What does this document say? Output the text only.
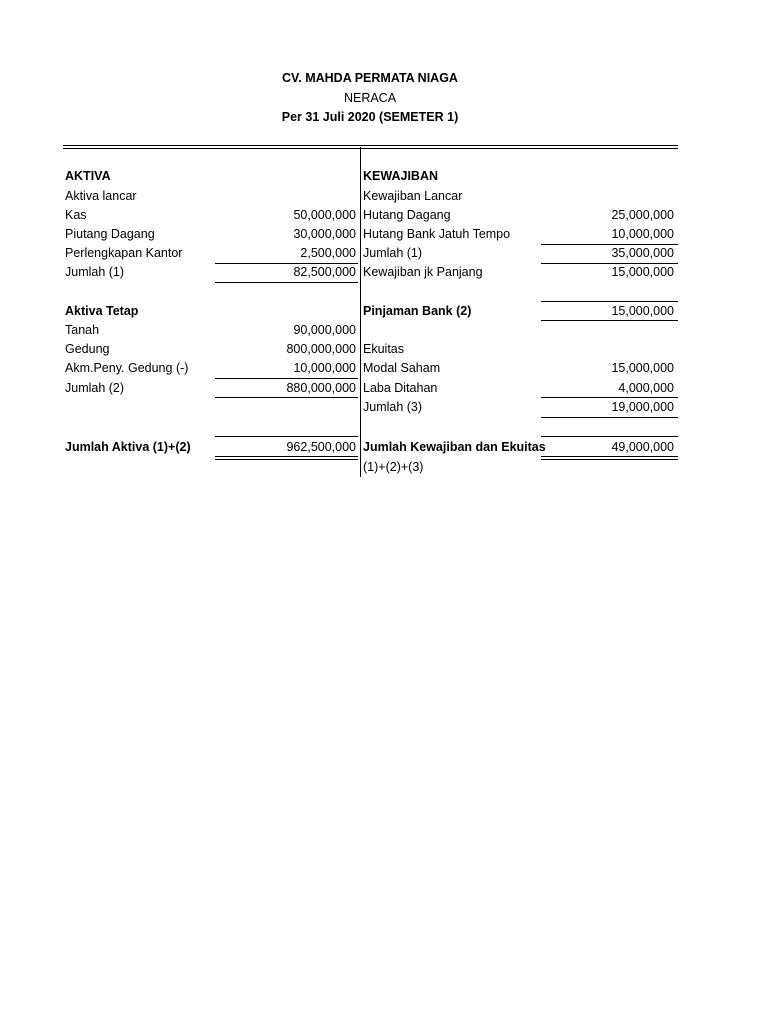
CV. MAHDA PERMATA NIAGA
NERACA
Per 31 Juli 2020 (SEMETER 1)
AKTIVA
Aktiva lancar
Kas	50,000,000
Piutang Dagang	30,000,000
Perlengkapan Kantor	2,500,000
Jumlah (1)	82,500,000
Aktiva Tetap
Tanah	90,000,000
Gedung	800,000,000
Akm.Peny. Gedung (-)	10,000,000
Jumlah (2)	880,000,000
Jumlah Aktiva (1)+(2)	962,500,000
KEWAJIBAN
Kewajiban Lancar
Hutang Dagang	25,000,000
Hutang Bank Jatuh Tempo	10,000,000
Jumlah (1)	35,000,000
Kewajiban jk Panjang	15,000,000
Pinjaman Bank (2)	15,000,000
Ekuitas
Modal Saham	15,000,000
Laba Ditahan	4,000,000
Jumlah (3)	19,000,000
Jumlah Kewajiban dan Ekuitas	49,000,000
(1)+(2)+(3)
